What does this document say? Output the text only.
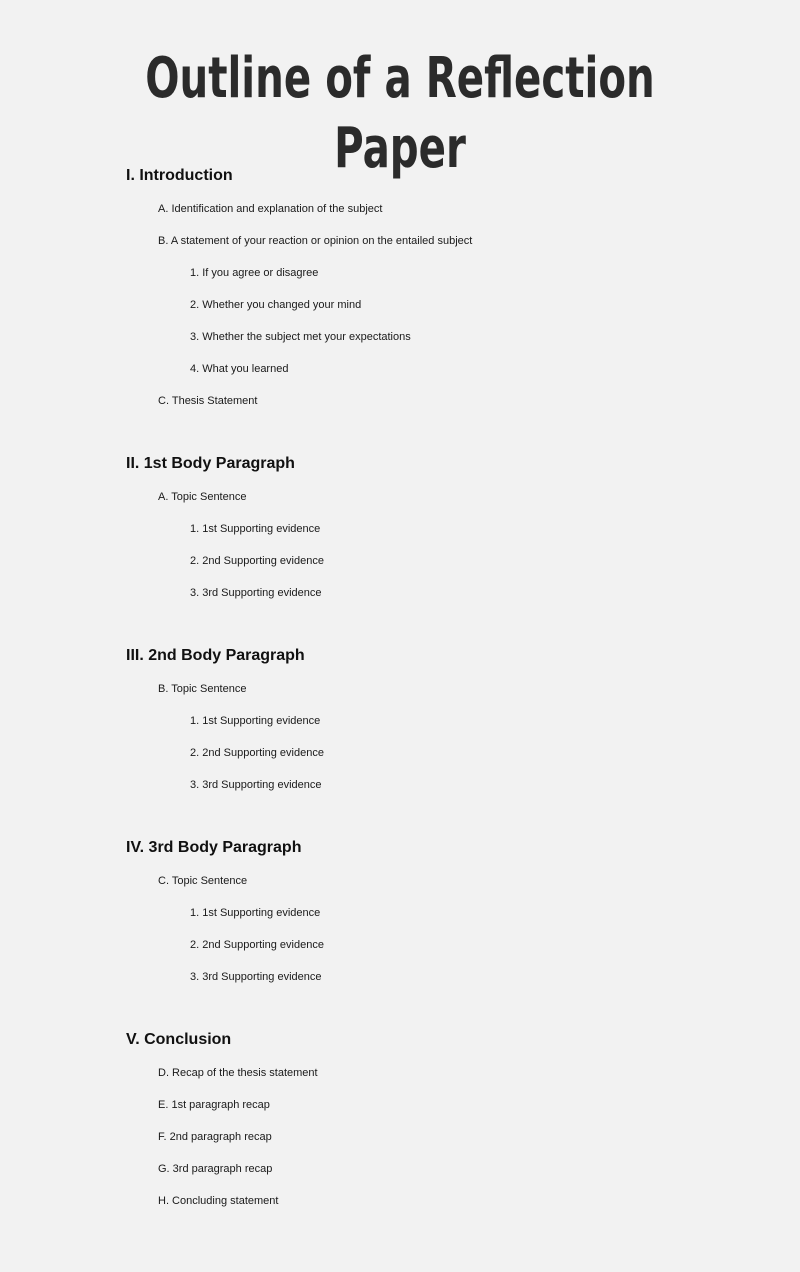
Outline of a Reflection Paper
I. Introduction
A. Identification and explanation of the subject
B. A statement of your reaction or opinion on the entailed subject
1. If you agree or disagree
2. Whether you changed your mind
3. Whether the subject met your expectations
4. What you learned
C. Thesis Statement
II. 1st Body Paragraph
A. Topic Sentence
1. 1st Supporting evidence
2. 2nd Supporting evidence
3. 3rd Supporting evidence
III. 2nd Body Paragraph
B. Topic Sentence
1. 1st Supporting evidence
2. 2nd Supporting evidence
3. 3rd Supporting evidence
IV. 3rd Body Paragraph
C. Topic Sentence
1. 1st Supporting evidence
2. 2nd Supporting evidence
3. 3rd Supporting evidence
V. Conclusion
D. Recap of the thesis statement
E. 1st paragraph recap
F. 2nd paragraph recap
G. 3rd paragraph recap
H. Concluding statement
